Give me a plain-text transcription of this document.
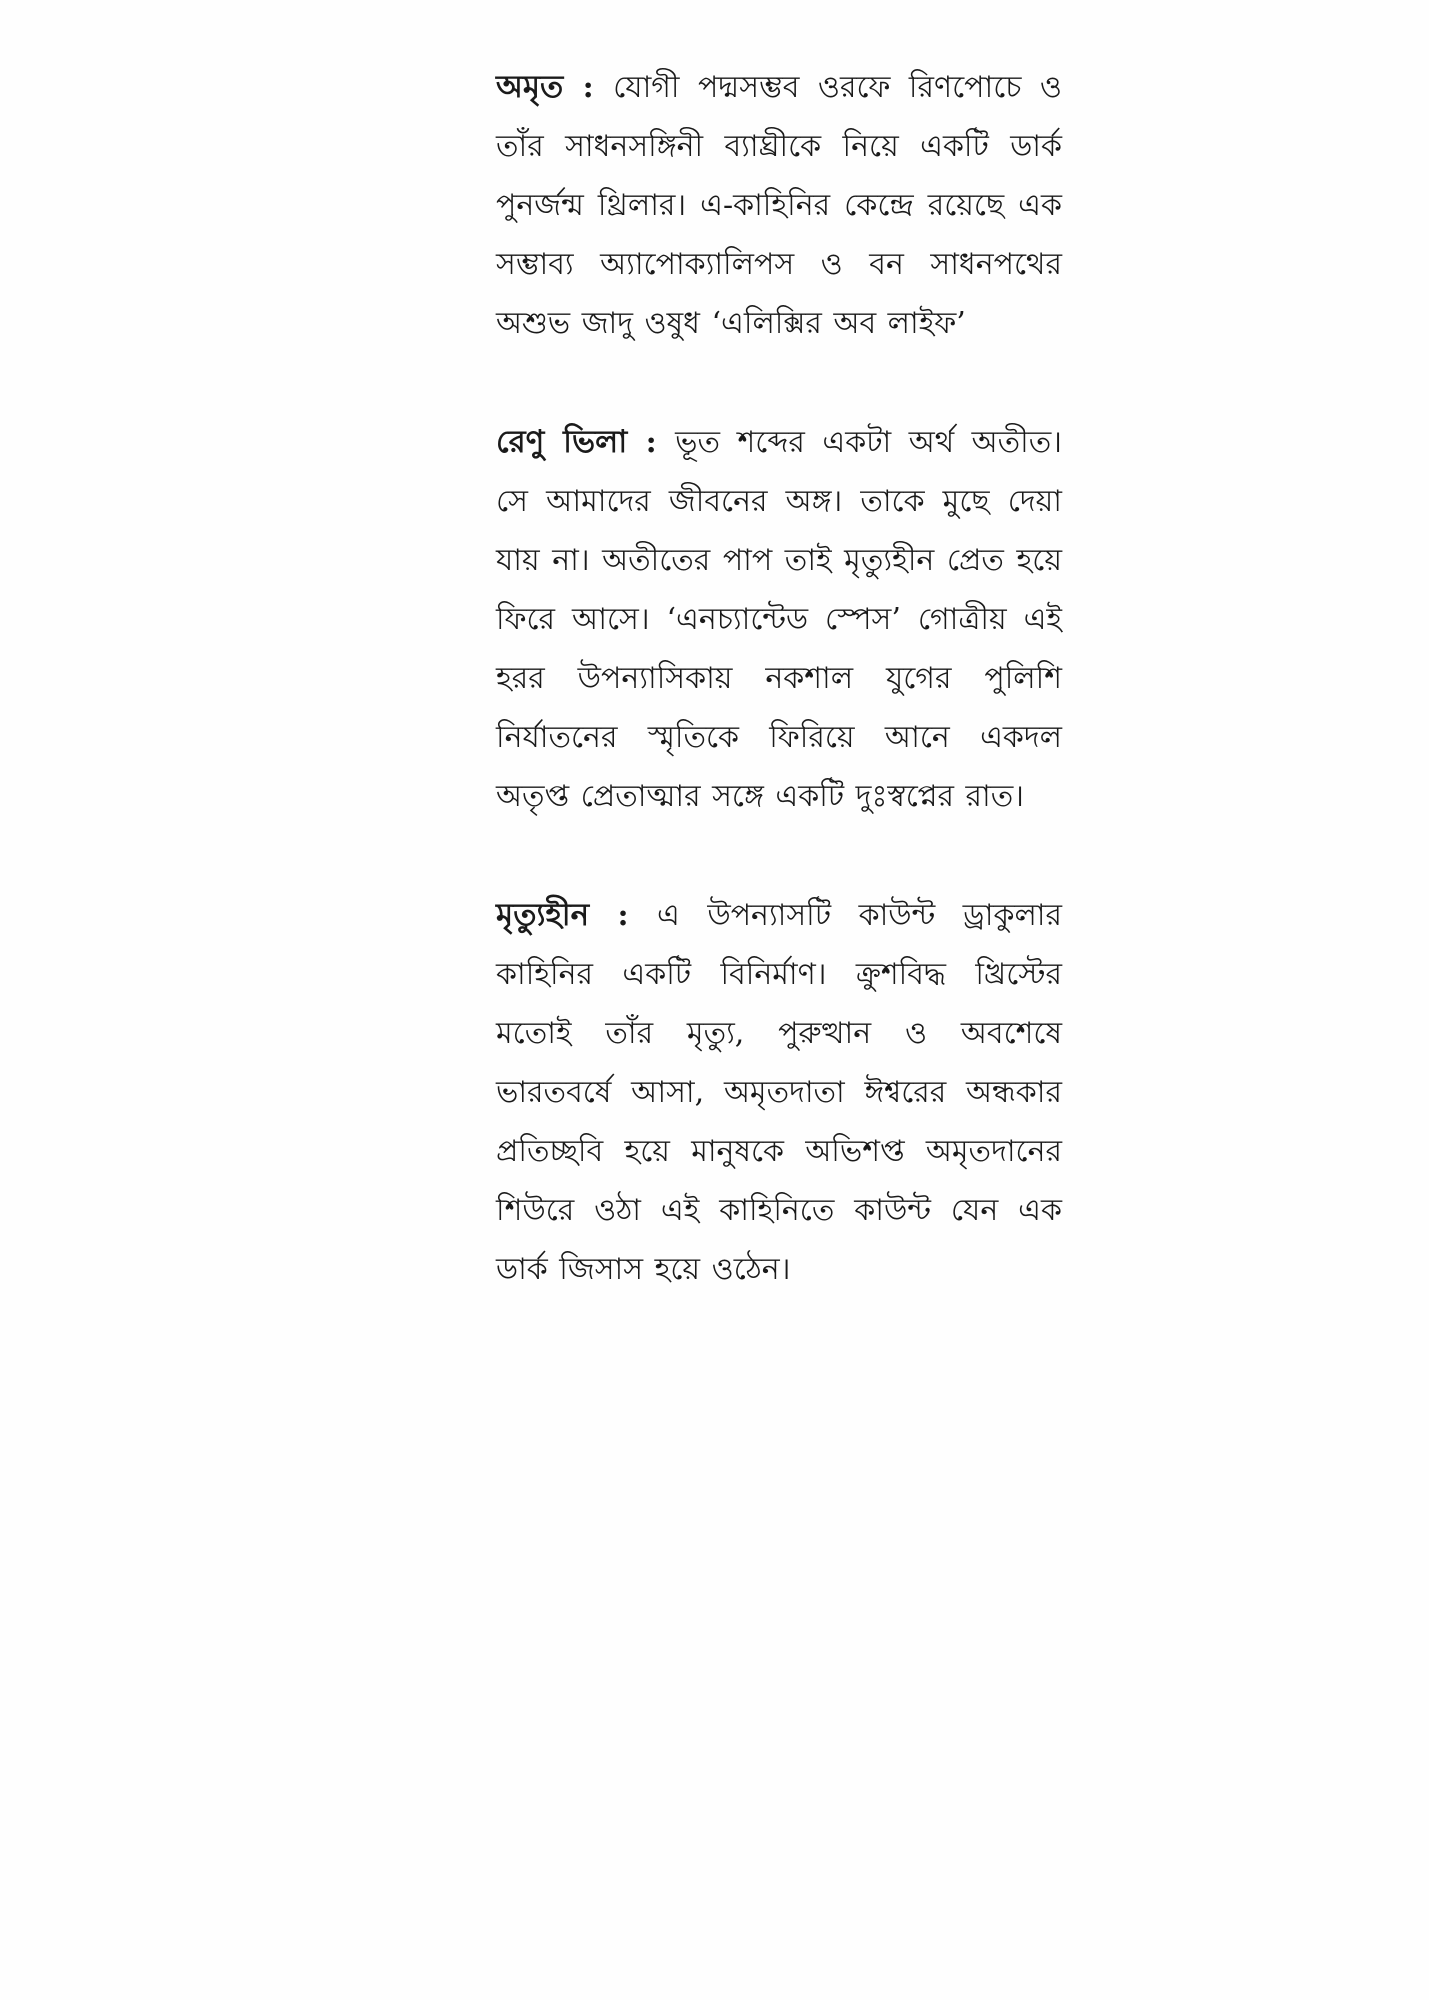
অমৃত : যোগী পদ্মসম্ভব ওরফে রিণপোচে ও তাঁর সাধনসঙ্গিনী ব্যাঘ্রীকে নিয়ে একটি ডার্ক পুনর্জন্ম থ্রিলার। এ-কাহিনির কেন্দ্রে রয়েছে এক সম্ভাব্য অ্যাপোক্যালিপস ও বন সাধনপথের অশুভ জাদু ওষুধ ‘এলিক্সির অব লাইফ’

রেণু ভিলা : ভূত শব্দের একটা অর্থ অতীত। সে আমাদের জীবনের অঙ্গ। তাকে মুছে দেয়া যায় না। অতীতের পাপ তাই মৃত্যুহীন প্রেত হয়ে ফিরে আসে। ‘এনচ্যান্টেড স্পেস’ গোত্রীয় এই হরর উপন্যাসিকায় নকশাল যুগের পুলিশি নির্যাতনের স্মৃতিকে ফিরিয়ে আনে একদল অতৃপ্ত প্রেতাত্মার সঙ্গে একটি দুঃস্বপ্নের রাত।

মৃত্যুহীন : এ উপন্যাসটি কাউন্ট ড্রাকুলার কাহিনির একটি বিনির্মাণ। ক্রুশবিদ্ধ খ্রিস্টের মতোই তাঁর মৃত্যু, পুরুত্থান ও অবশেষে ভারতবর্ষে আসা, অমৃতদাতা ঈশ্বরের অন্ধকার প্রতিচ্ছবি হয়ে মানুষকে অভিশপ্ত অমৃতদানের শিউরে ওঠা এই কাহিনিতে কাউন্ট যেন এক ডার্ক জিসাস হয়ে ওঠেন।
